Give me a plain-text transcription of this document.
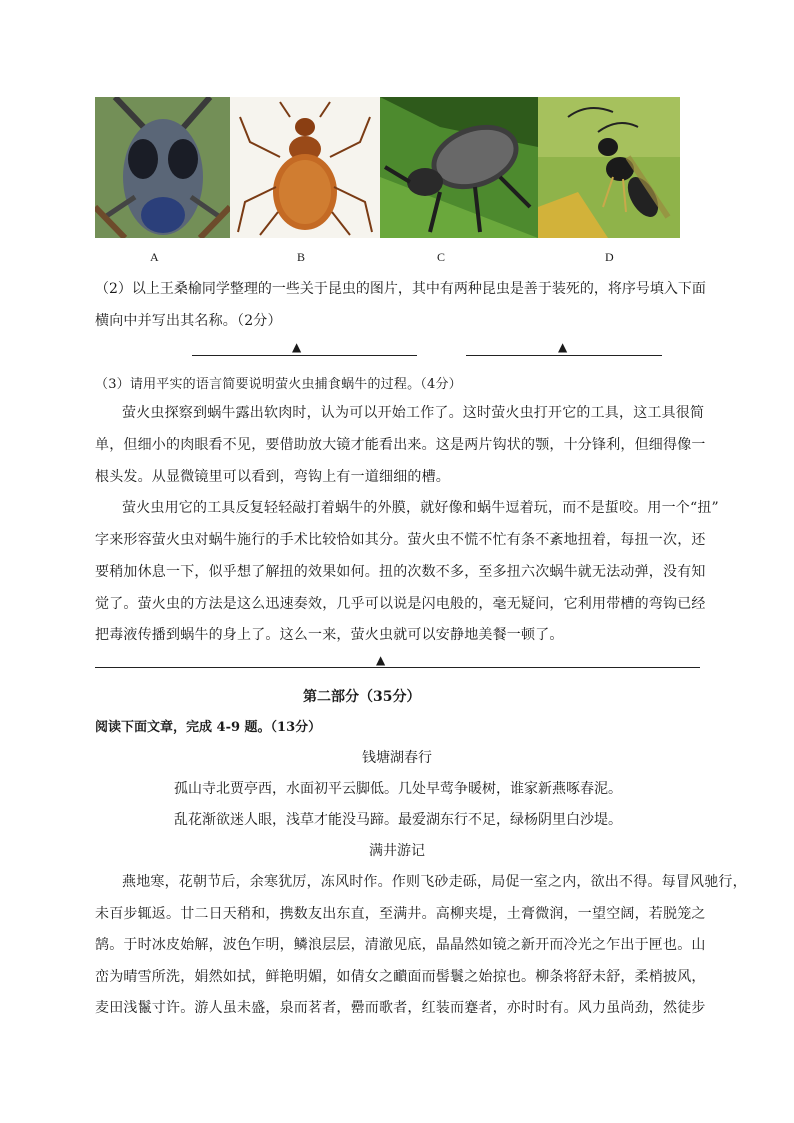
A	B	C	D
（2）以上王桑榆同学整理的一些关于昆虫的图片，其中有两种昆虫是善于装死的，将序号填入下面
横向中并写出其名称。（2分）
▲	▲
（3）请用平实的语言简要说明萤火虫捕食蜗牛的过程。（4分）
萤火虫探察到蜗牛露出软肉时，认为可以开始工作了。这时萤火虫打开它的工具，这工具很简
单，但细小的肉眼看不见，要借助放大镜才能看出来。这是两片钩状的颚，十分锋利，但细得像一
根头发。从显微镜里可以看到，弯钩上有一道细细的槽。
萤火虫用它的工具反复轻轻敲打着蜗牛的外膜，就好像和蜗牛逗着玩，而不是蜇咬。用一个“扭”
字来形容萤火虫对蜗牛施行的手术比较恰如其分。萤火虫不慌不忙有条不紊地扭着，每扭一次，还
要稍加休息一下，似乎想了解扭的效果如何。扭的次数不多，至多扭六次蜗牛就无法动弹，没有知
觉了。萤火虫的方法是这么迅速奏效，几乎可以说是闪电般的，毫无疑问，它利用带槽的弯钩已经
把毒液传播到蜗牛的身上了。这么一来，萤火虫就可以安静地美餐一顿了。
▲
第二部分（35分）
阅读下面文章，完成 4-9 题。（13分）
钱塘湖春行
孤山寺北贾亭西，水面初平云脚低。几处早莺争暖树，谁家新燕啄春泥。
乱花渐欲迷人眼，浅草才能没马蹄。最爱湖东行不足，绿杨阴里白沙堤。
满井游记
燕地寒，花朝节后，余寒犹厉，冻风时作。作则飞砂走砾，局促一室之内，欲出不得。每冒风驰行，
未百步辄返。廿二日天稍和，携数友出东直，至满井。高柳夹堤，土膏微润，一望空阔，若脱笼之
鹄。于时冰皮始解，波色乍明，鳞浪层层，清澈见底，晶晶然如镜之新开而冷光之乍出于匣也。山
峦为晴雪所洗，娟然如拭，鲜艳明媚，如倩女之靧面而髻鬟之始掠也。柳条将舒未舒，柔梢披风，
麦田浅鬣寸许。游人虽未盛，泉而茗者，罍而歌者，红装而蹇者，亦时时有。风力虽尚劲，然徒步
